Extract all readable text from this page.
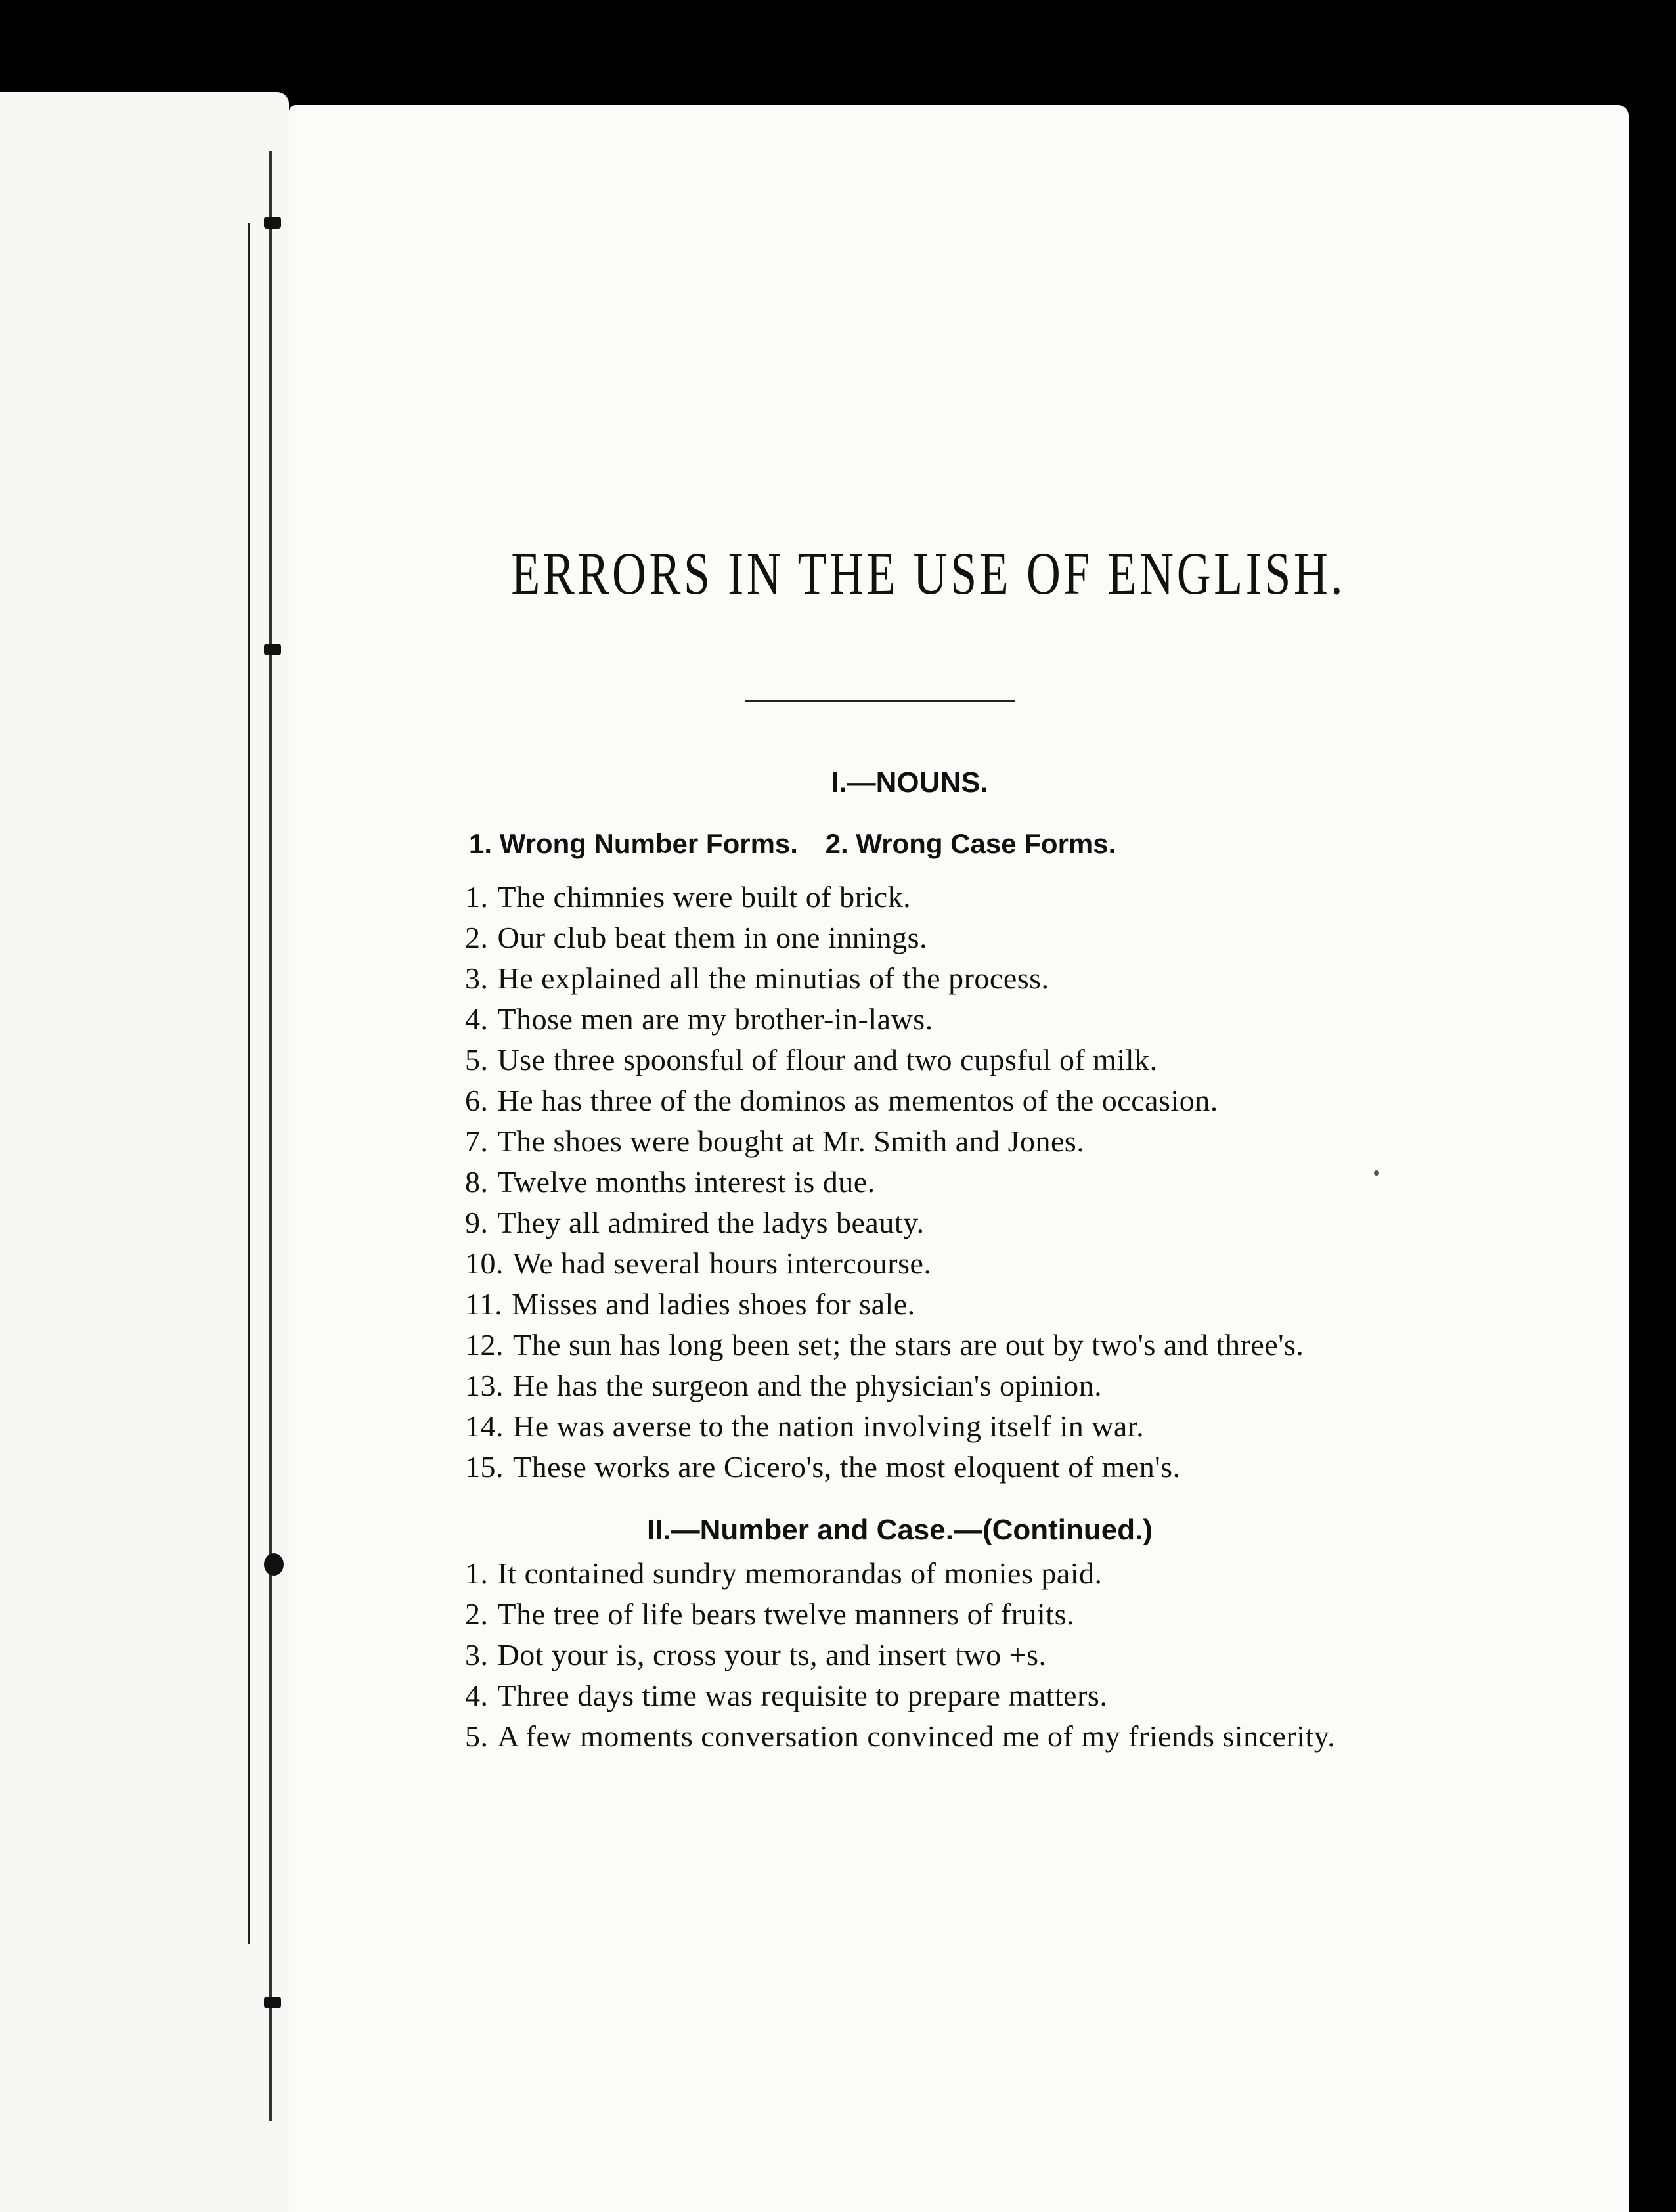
ERRORS IN THE USE OF ENGLISH.
I.—NOUNS.
1. Wrong Number Forms. 2. Wrong Case Forms.
1. The chimnies were built of brick.
2. Our club beat them in one innings.
3. He explained all the minutias of the process.
4. Those men are my brother-in-laws.
5. Use three spoonsful of flour and two cupsful of milk.
6. He has three of the dominos as mementos of the occasion.
7. The shoes were bought at Mr. Smith and Jones.
8. Twelve months interest is due.
9. They all admired the ladys beauty.
10. We had several hours intercourse.
11. Misses and ladies shoes for sale.
12. The sun has long been set; the stars are out by two's and three's.
13. He has the surgeon and the physician's opinion.
14. He was averse to the nation involving itself in war.
15. These works are Cicero's, the most eloquent of men's.
II.—Number and Case.—(Continued.)
1. It contained sundry memorandas of monies paid.
2. The tree of life bears twelve manners of fruits.
3. Dot your is, cross your ts, and insert two +s.
4. Three days time was requisite to prepare matters.
5. A few moments conversation convinced me of my friends sincerity.
